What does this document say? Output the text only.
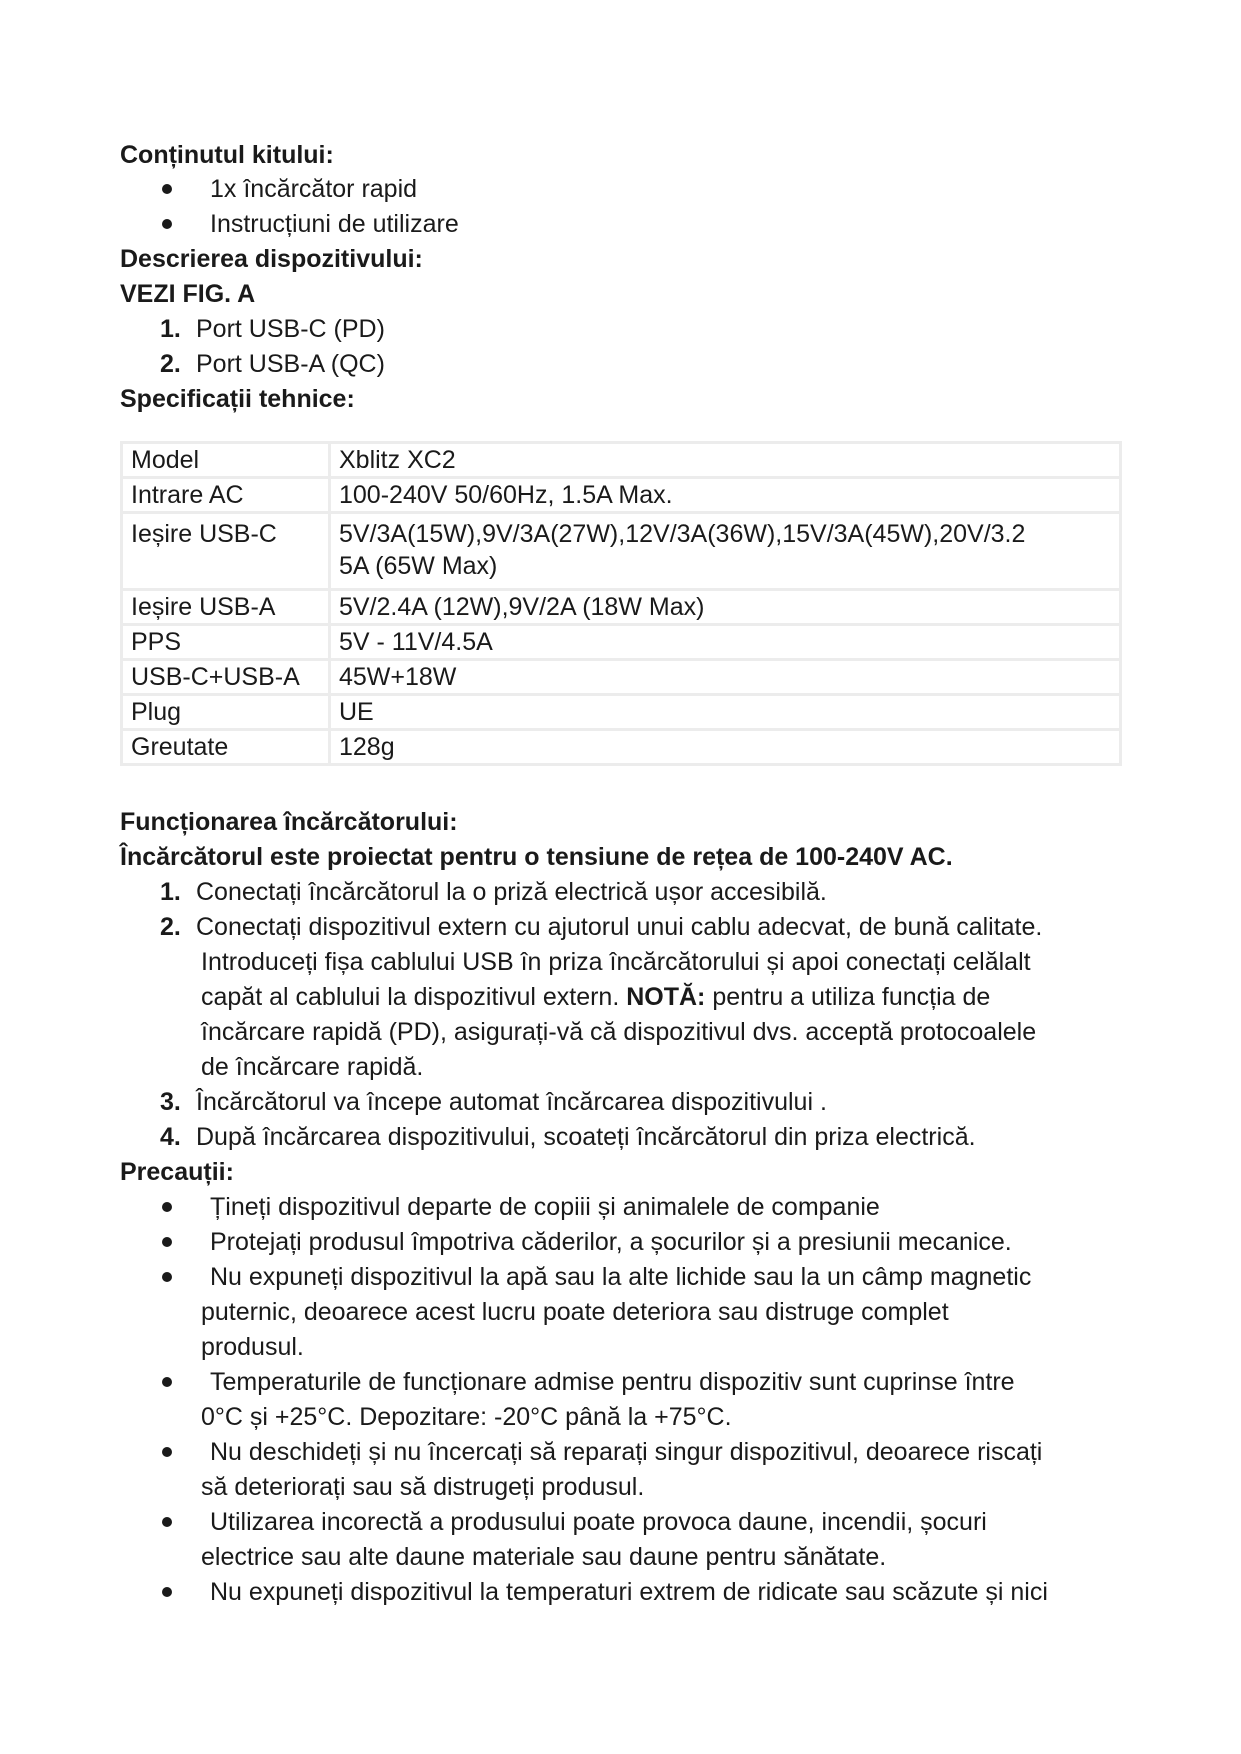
Conținutul kitului:
1x încărcător rapid
Instrucțiuni de utilizare
Descrierea dispozitivului:
VEZI FIG. A
1. Port USB-C (PD)
2. Port USB-A (QC)
Specificații tehnice:
Model	Xblitz XC2
Intrare AC	100-240V 50/60Hz, 1.5A Max.
Ieșire USB-C	5V/3A(15W),9V/3A(27W),12V/3A(36W),15V/3A(45W),20V/3.2
5A (65W Max)

Ieșire USB-A	5V/2.4A (12W),9V/2A (18W Max)
PPS	5V - 11V/4.5A
USB-C+USB-A	45W+18W
Plug	UE
Greutate	128g
Funcționarea încărcătorului:
Încărcătorul este proiectat pentru o tensiune de rețea de 100-240V AC.
1. Conectați încărcătorul la o priză electrică ușor accesibilă.
2. Conectați dispozitivul extern cu ajutorul unui cablu adecvat, de bună calitate.
Introduceți fișa cablului USB în priza încărcătorului și apoi conectați celălalt
capăt al cablului la dispozitivul extern. NOTĂ: pentru a utiliza funcția de
încărcare rapidă (PD), asigurați-vă că dispozitivul dvs. acceptă protocoalele
de încărcare rapidă.
3. Încărcătorul va începe automat încărcarea dispozitivului .
4. După încărcarea dispozitivului, scoateți încărcătorul din priza electrică.
Precauții:
Țineți dispozitivul departe de copiii și animalele de companie
Protejați produsul împotriva căderilor, a șocurilor și a presiunii mecanice.
Nu expuneți dispozitivul la apă sau la alte lichide sau la un câmp magnetic
puternic, deoarece acest lucru poate deteriora sau distruge complet
produsul.
Temperaturile de funcționare admise pentru dispozitiv sunt cuprinse între
0°C și +25°C. Depozitare: -20°C până la +75°C.
Nu deschideți și nu încercați să reparați singur dispozitivul, deoarece riscați
să deteriorați sau să distrugeți produsul.
Utilizarea incorectă a produsului poate provoca daune, incendii, șocuri
electrice sau alte daune materiale sau daune pentru sănătate.
Nu expuneți dispozitivul la temperaturi extrem de ridicate sau scăzute și nici
